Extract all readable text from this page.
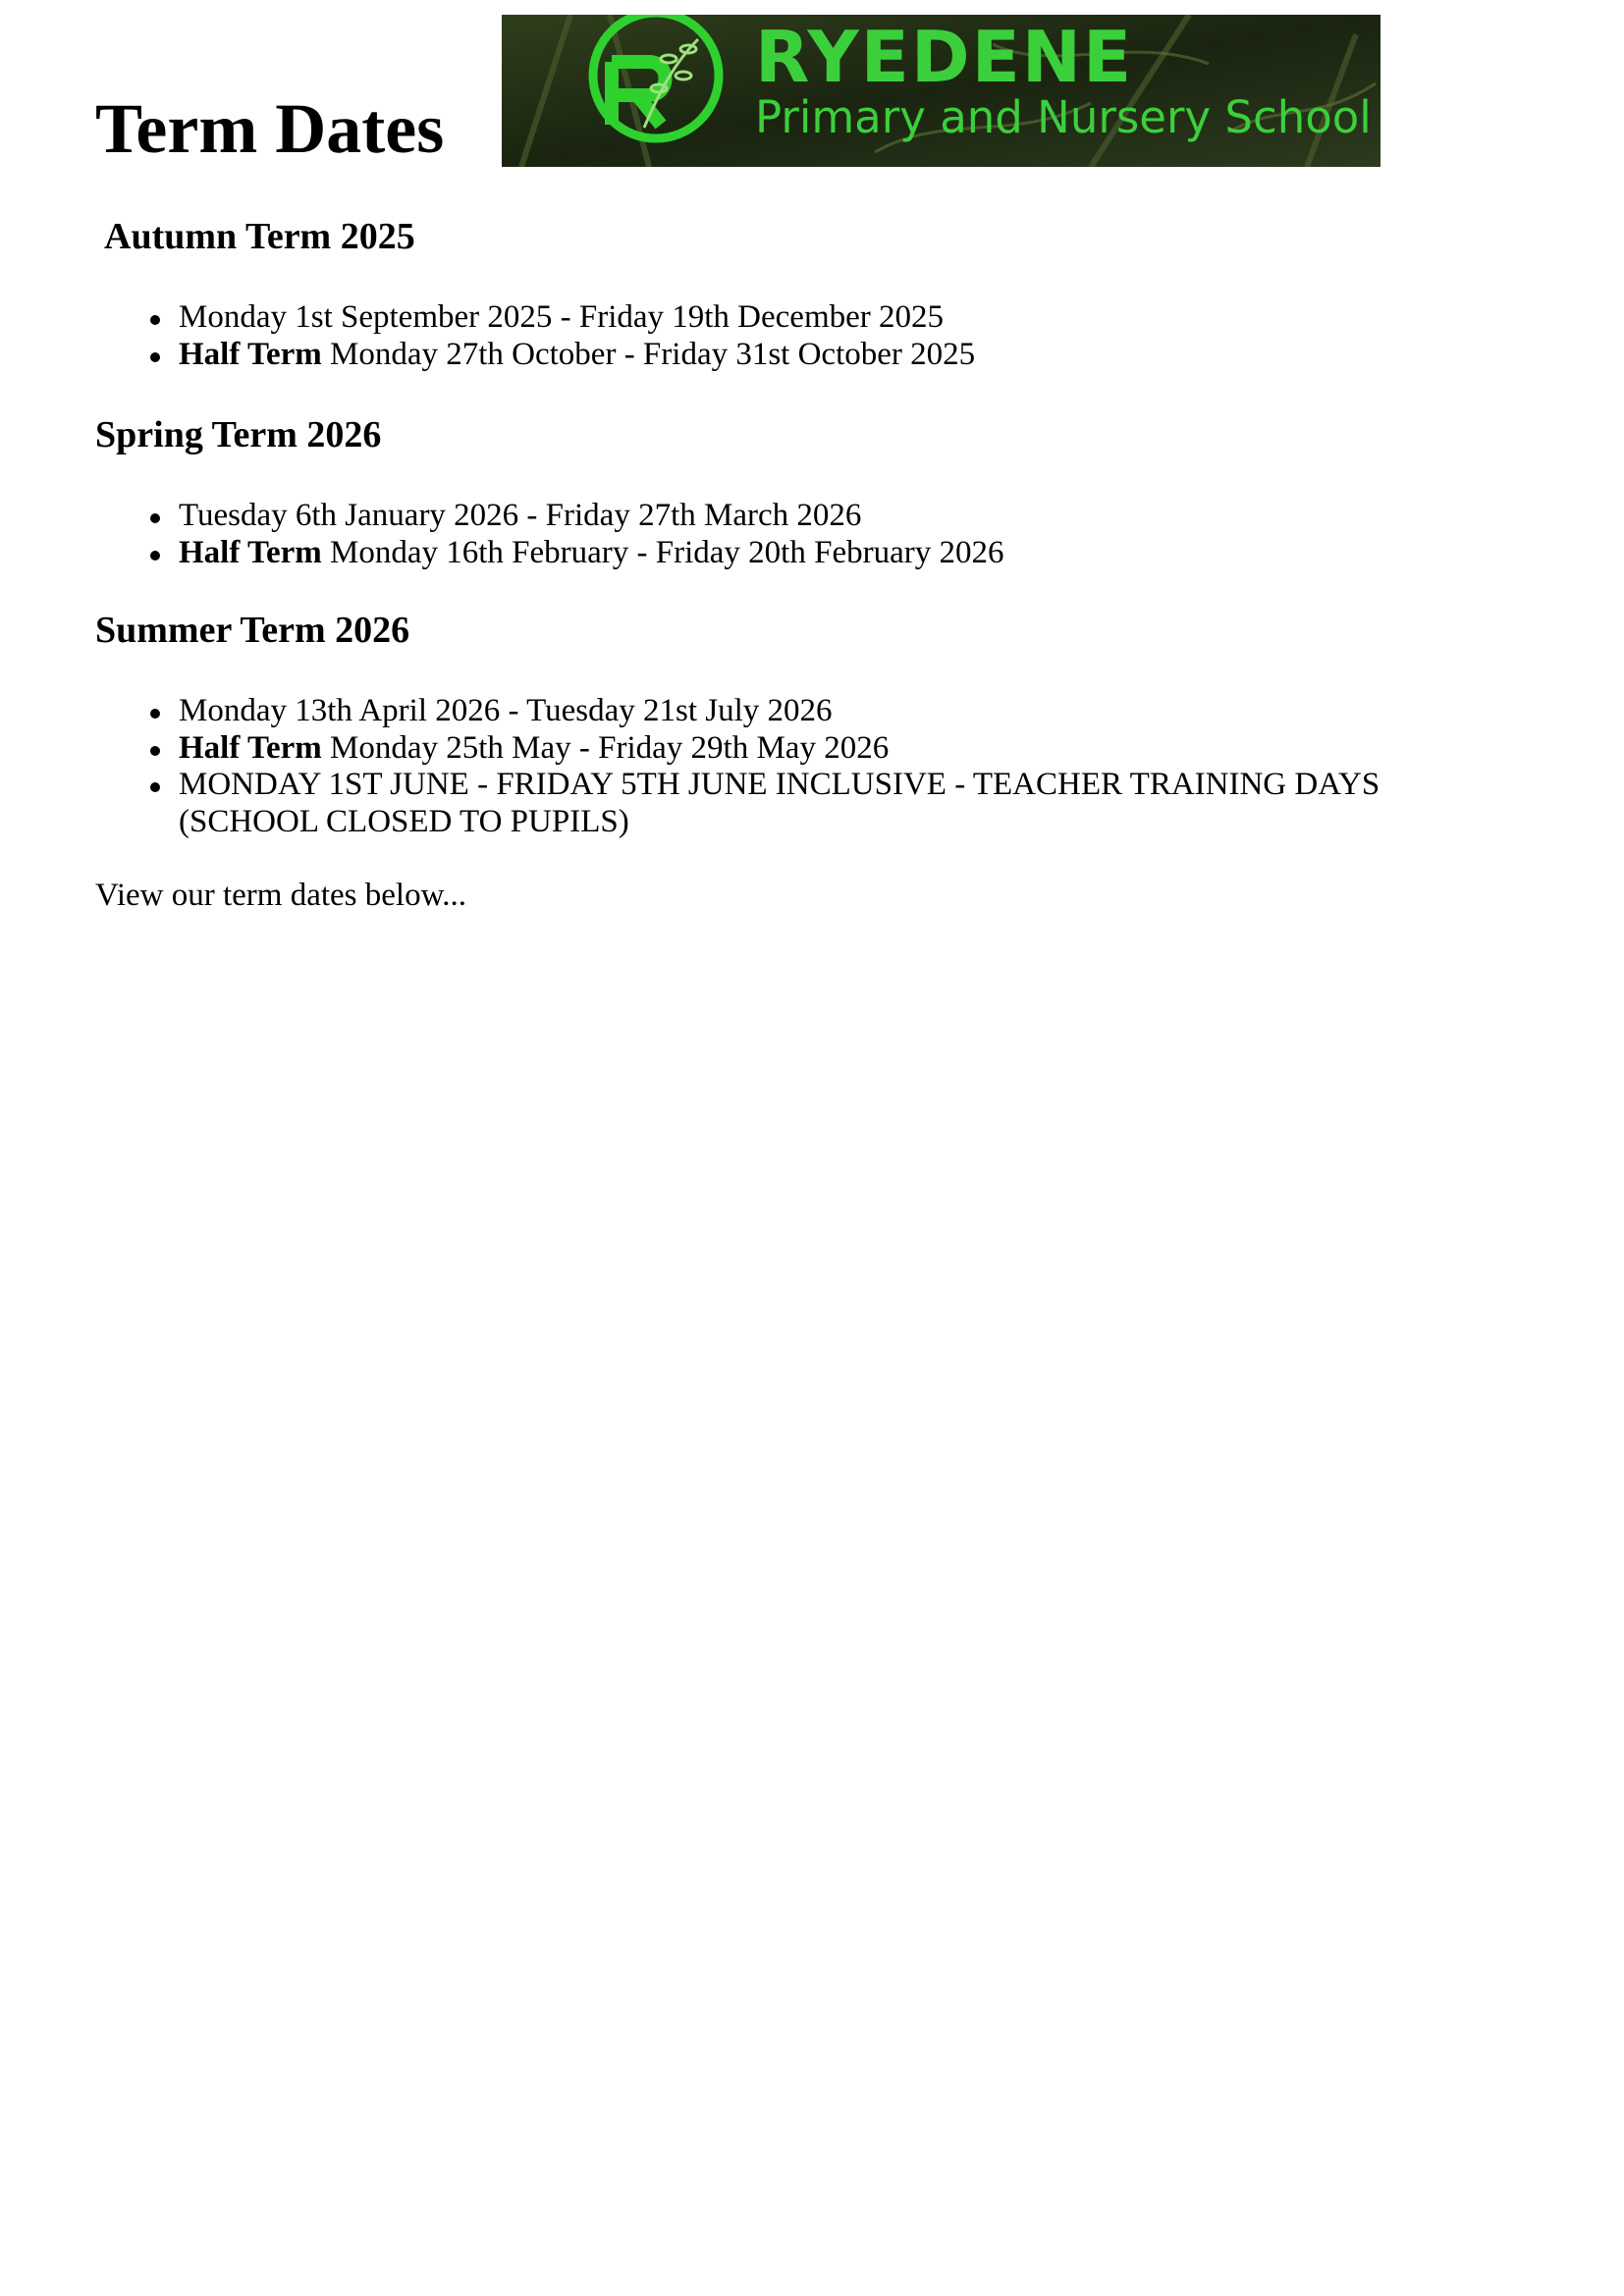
Term Dates
RYEDENE
Primary and Nursery School
Autumn Term 2025
Monday 1st September 2025 - Friday 19th December 2025
Half Term Monday 27th October - Friday 31st October 2025
Spring Term 2026
Tuesday 6th January 2026 - Friday 27th March 2026
Half Term Monday 16th February - Friday 20th February 2026
Summer Term 2026
Monday 13th April 2026 - Tuesday 21st July 2026
Half Term Monday 25th May - Friday 29th May 2026
MONDAY 1ST JUNE - FRIDAY 5TH JUNE INCLUSIVE - TEACHER TRAINING DAYS (SCHOOL CLOSED TO PUPILS)

View our term dates below...
